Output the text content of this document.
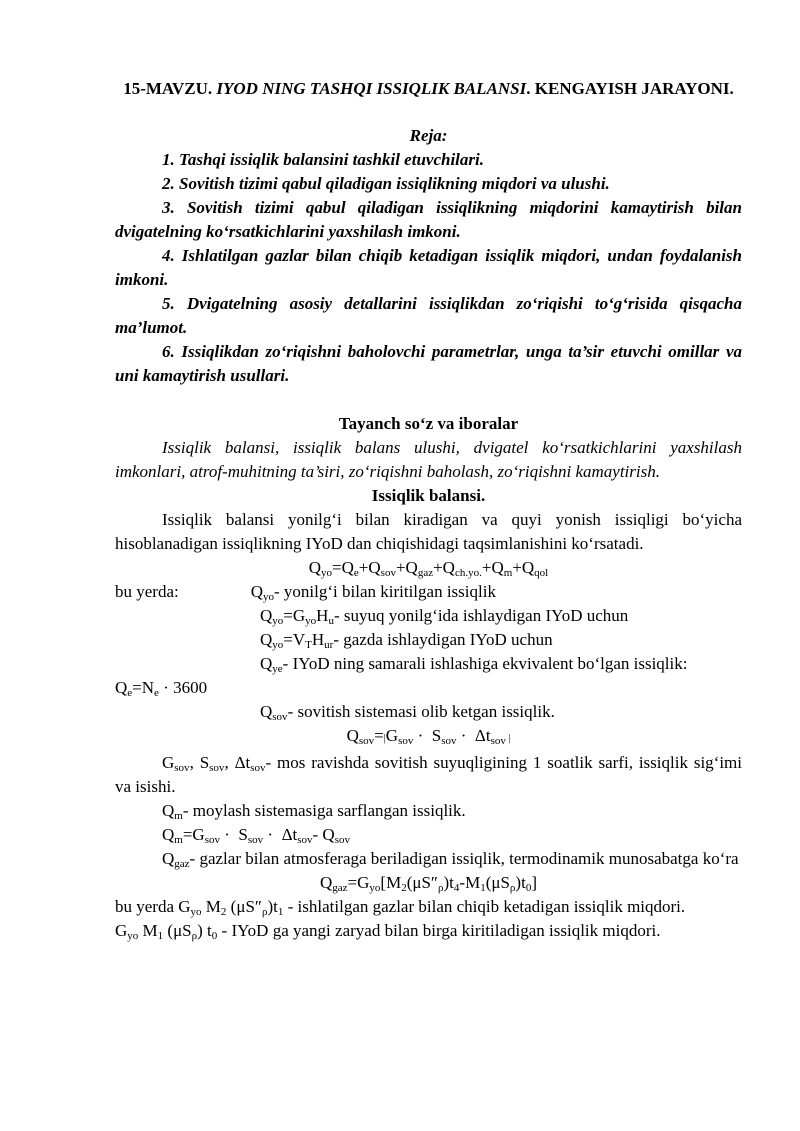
15-MAVZU. IYOD NING TASHQI ISSIQLIK BALANSI. KENGAYISH JARAYONI.

Reja:

1. Tashqi issiqlik balansini tashkil etuvchilari.

2. Sovitish tizimi qabul qiladigan issiqlikning miqdori va ulushi.

3. Sovitish tizimi qabul qiladigan issiqlikning miqdorini kamaytirish bilan dvigatelning ko‘rsatkichlarini yaxshilash imkoni.

4. Ishlatilgan gazlar bilan chiqib ketadigan issiqlik miqdori, undan foydalanish imkoni.

5. Dvigatelning asosiy detallarini issiqlikdan zo‘riqishi to‘g‘risida qisqacha ma’lumot.

6. Issiqlikdan zo‘riqishni baholovchi parametrlar, unga ta’sir etuvchi omillar va uni kamaytirish usullari.

Tayanch so‘z va iboralar

Issiqlik balansi, issiqlik balans ulushi, dvigatel ko‘rsatkichlarini yaxshilash imkonlari, atrof-muhitning ta’siri, zo‘riqishni baholash, zo‘riqishni kamaytirish.

Issiqlik balansi.

Issiqlik balansi yonilg‘i bilan kiradigan va quyi yonish issiqligi bo‘yicha hisoblanadigan issiqlikning IYoD dan chiqishidagi taqsimlanishini ko‘rsatadi.

$Q_{yo}=Q_e+Q_{sov}+Q_{gaz}+Q_{ch.yo.}+Q_m+Q_{qol}$

bu yerda:	$Q_{yo}-$ yonilg‘i bilan kiritilgan issiqlik

$Q_{yo}=G_{yo}H_u-$ suyuq yonilg‘ida ishlaydigan IYoD uchun

$Q_{yo}=V_TH_{ur}-$ gazda ishlaydigan IYoD uchun

$Q_{ye}-$ IYoD ning samarali ishlashiga ekvivalent bo‘lgan issiqlik:

$Q_e=N_e \cdot 3600$

$Q_{sov}-$ sovitish sistemasi olib ketgan issiqlik.

$Q_{sov}=|G_{sov} \cdot S_{sov} \cdot \Delta t_{sov}$ |

$G_{sov}$, $S_{sov}$, $\Delta t_{sov}-$ mos ravishda sovitish suyuqligining 1 soatlik sarfi, issiqlik sig‘imi va isishi.

$Q_m-$ moylash sistemasiga sarflangan issiqlik.

$Q_m=G_{sov} \cdot S_{sov} \cdot \Delta t_{sov}-$ $Q_{sov}$

$Q_{gaz}-$ gazlar bilan atmosferaga beriladigan issiqlik, termodinamik munosabatga ko‘ra

$Q_{gaz}=G_{yo}[M_2(\mu S''_\rho)t_4-M_1(\mu S_\rho)t_0]$

bu yerda $G_{yo}$ $M_2$ $(\mu S''_\rho)t_1$ - ishlatilgan gazlar bilan chiqib ketadigan issiqlik miqdori.

$G_{yo}$ $M_1$ $(\mu S_\rho)$ $t_0$ - IYoD ga yangi zaryad bilan birga kiritiladigan issiqlik miqdori.
